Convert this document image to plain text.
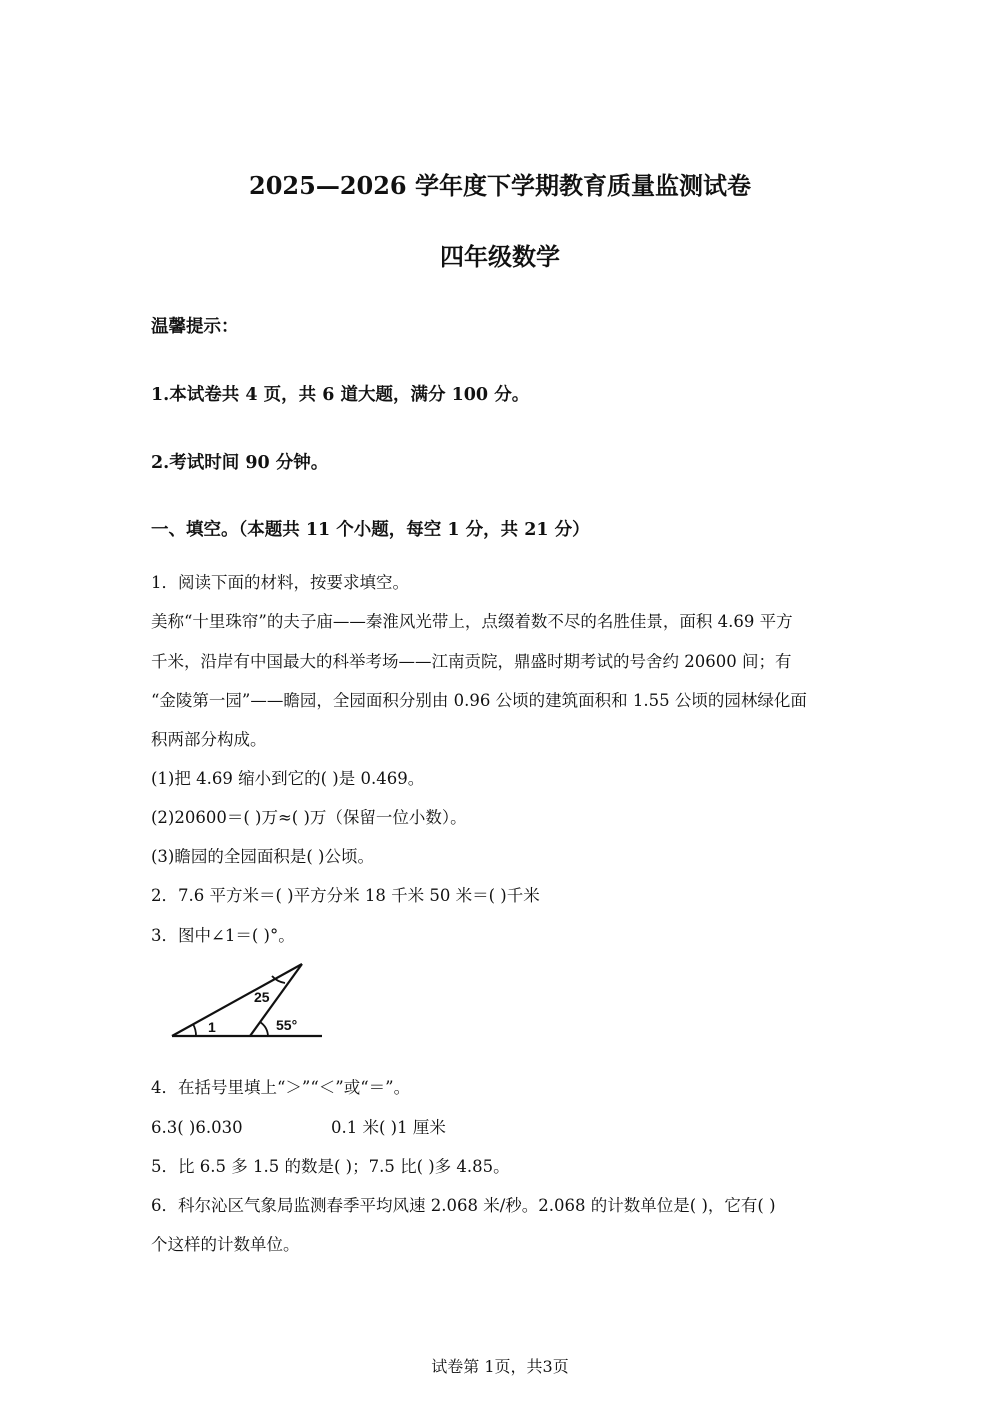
2025—2026 学年度下学期教育质量监测试卷
四年级数学
温馨提示：
1.本试卷共 4 页，共 6 道大题，满分 100 分。
2.考试时间 90 分钟。
一、填空。（本题共 11 个小题，每空 1 分，共 21 分）
1．阅读下面的材料，按要求填空。
美称“十里珠帘”的夫子庙——秦淮风光带上，点缀着数不尽的名胜佳景，面积 4.69 平方
千米，沿岸有中国最大的科举考场——江南贡院，鼎盛时期考试的号舍约 20600 间；有
“金陵第一园”——瞻园，全园面积分别由 0.96 公顷的建筑面积和 1.55 公顷的园林绿化面
积两部分构成。
(1)把 4.69 缩小到它的( )是 0.469。
(2)20600＝( )万≈( )万（保留一位小数）。
(3)瞻园的全园面积是( )公顷。
2．7.6 平方米＝( )平方分米 18 千米 50 米＝( )千米
3．图中∠1＝( )°。
1
25
55°
4．在括号里填上“＞”“＜”或“＝”。
6.3( )6.030	0.1 米( )1 厘米
5．比 6.5 多 1.5 的数是( )；7.5 比( )多 4.85。
6．科尔沁区气象局监测春季平均风速 2.068 米/秒。2.068 的计数单位是( )，它有( )
个这样的计数单位。
试卷第 1页，共3页
